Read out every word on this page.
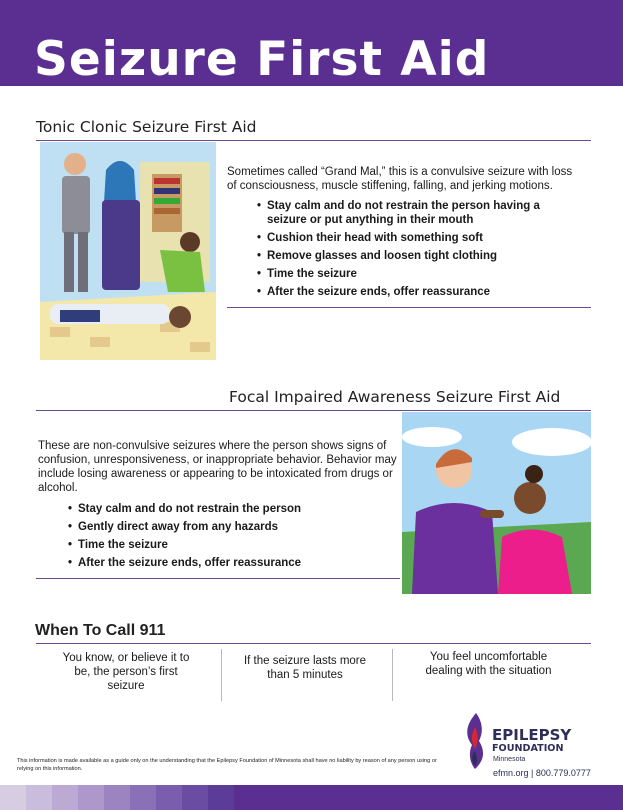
Seizure First Aid
Tonic Clonic Seizure First Aid
Sometimes called “Grand Mal,” this is a convulsive seizure with loss of consciousness, muscle stiffening, falling, and jerking motions.
• Stay calm and do not restrain the person having a seizure or put anything in their mouth
• Cushion their head with something soft
• Remove glasses and loosen tight clothing
• Time the seizure
• After the seizure ends, offer reassurance
Focal Impaired Awareness Seizure First Aid
These are non-convulsive seizures where the person shows signs of confusion, unresponsiveness, or inappropriate behavior. Behavior may include losing awareness or appearing to be intoxicated from drugs or alcohol.
• Stay calm and do not restrain the person
• Gently direct away from any hazards
• Time the seizure
• After the seizure ends, offer reassurance
When To Call 911
You know, or believe it to be, the person’s first seizure
If the seizure lasts more than 5 minutes
You feel uncomfortable dealing with the situation
This information is made available as a guide only on the understanding that the Epilepsy Foundation of Minnesota shall have no liability by reason of any person using or relying on this information.
EPILEPSY
FOUNDATION
Minnesota
efmn.org | 800.779.0777
